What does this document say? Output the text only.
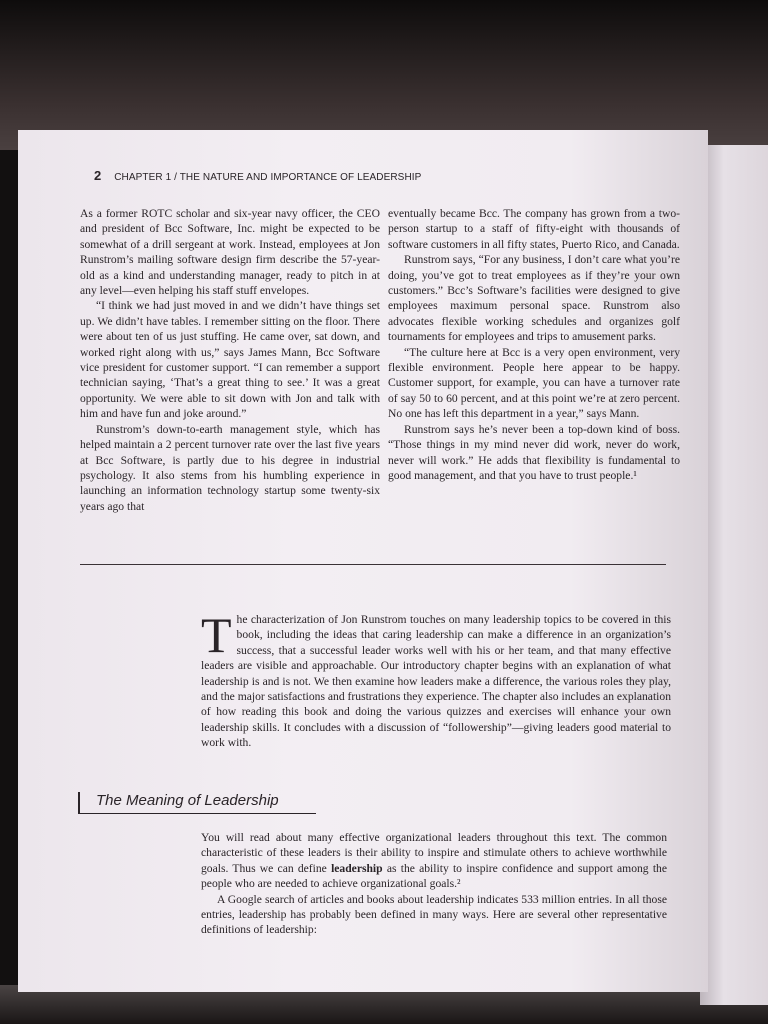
2 CHAPTER 1 / THE NATURE AND IMPORTANCE OF LEADERSHIP

As a former ROTC scholar and six-year navy officer, the CEO and president of Bcc Software, Inc. might be expected to be somewhat of a drill sergeant at work. Instead, employees at Jon Runstrom’s mailing software design firm describe the 57-year-old as a kind and understanding manager, ready to pitch in at any level—even helping his staff stuff envelopes.

“I think we had just moved in and we didn’t have things set up. We didn’t have tables. I remember sitting on the floor. There were about ten of us just stuffing. He came over, sat down, and worked right along with us,” says James Mann, Bcc Software vice president for customer support. “I can remember a support technician saying, ‘That’s a great thing to see.’ It was a great opportunity. We were able to sit down with Jon and talk with him and have fun and joke around.”

Runstrom’s down-to-earth management style, which has helped maintain a 2 percent turnover rate over the last five years at Bcc Software, is partly due to his degree in industrial psychology. It also stems from his humbling experience in launching an information technology startup some twenty-six years ago that

eventually became Bcc. The company has grown from a two-person startup to a staff of fifty-eight with thousands of software customers in all fifty states, Puerto Rico, and Canada.

Runstrom says, “For any business, I don’t care what you’re doing, you’ve got to treat employees as if they’re your own customers.” Bcc’s Software’s facilities were designed to give employees maximum personal space. Runstrom also advocates flexible working schedules and organizes golf tournaments for employees and trips to amusement parks.

“The culture here at Bcc is a very open environment, very flexible environment. People here appear to be happy. Customer support, for example, you can have a turnover rate of say 50 to 60 percent, and at this point we’re at zero percent. No one has left this department in a year,” says Mann.

Runstrom says he’s never been a top-down kind of boss. “Those things in my mind never did work, never do work, never will work.” He adds that flexibility is fundamental to good management, and that you have to trust people.¹

The characterization of Jon Runstrom touches on many leadership topics to be covered in this book, including the ideas that caring leadership can make a difference in an organization’s success, that a successful leader works well with his or her team, and that many effective leaders are visible and approachable. Our introductory chapter begins with an explanation of what leadership is and is not. We then examine how leaders make a difference, the various roles they play, and the major satisfactions and frustrations they experience. The chapter also includes an explanation of how reading this book and doing the various quizzes and exercises will enhance your own leadership skills. It concludes with a discussion of “followership”—giving leaders good material to work with.
The Meaning of Leadership

You will read about many effective organizational leaders throughout this text. The common characteristic of these leaders is their ability to inspire and stimulate others to achieve worthwhile goals. Thus we can define leadership as the ability to inspire confidence and support among the people who are needed to achieve organizational goals.²

A Google search of articles and books about leadership indicates 533 million entries. In all those entries, leadership has probably been defined in many ways. Here are several other representative definitions of leadership:
